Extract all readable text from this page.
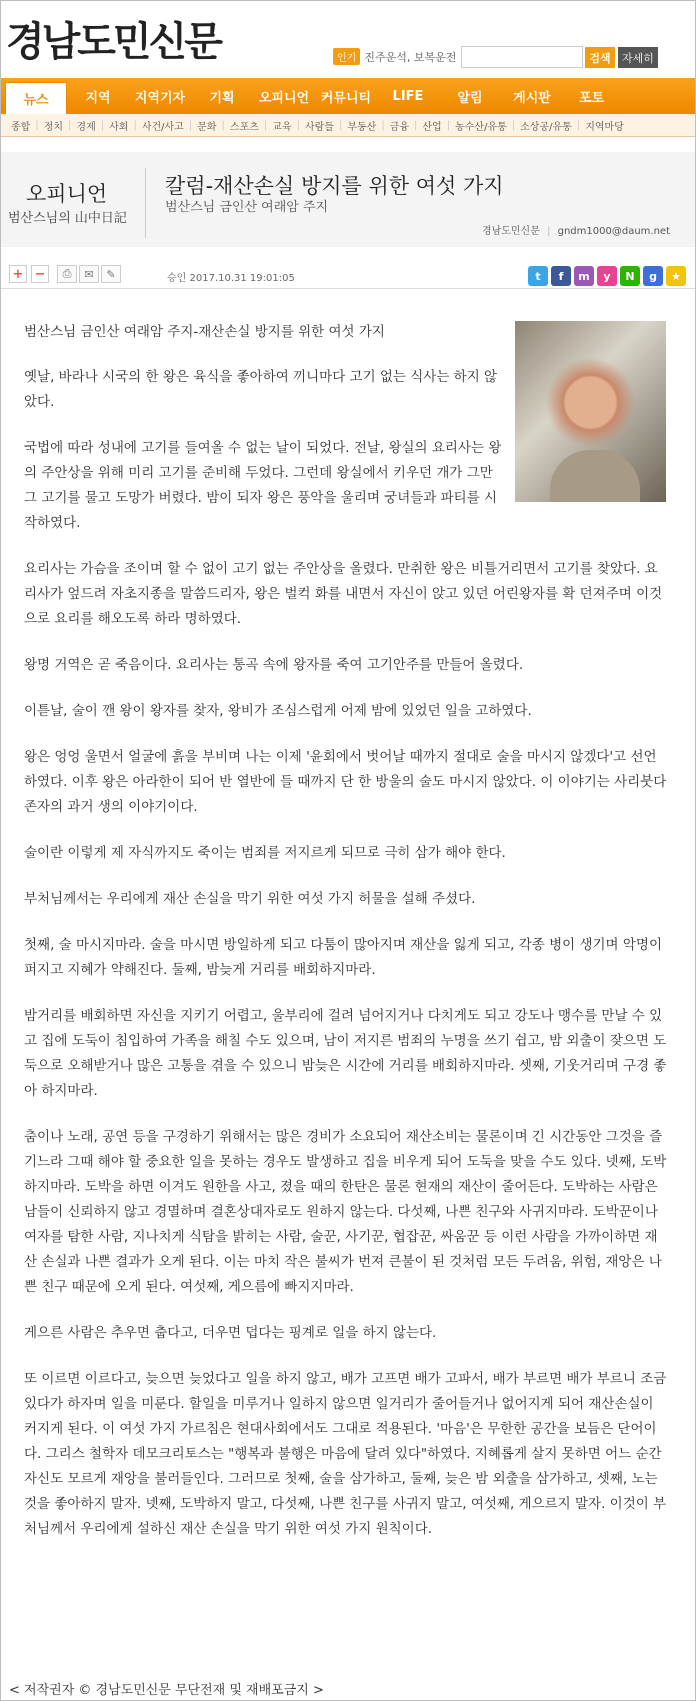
경남도민신문	인기 진주운석, 보복운전	검색	자세히
뉴스	지역	지역기자	기획	오피니언 커뮤니티	LIFE	알림	게시판	포토
종합 | 정치 | 경제 | 사회 | 사건/사고 | 문화 | 스포츠 | 교육 | 사람들 | 부동산 | 금융 | 산업 | 농수산/유통 | 소상공/유통 | 지역마당
오피니언
범산스님의 山中日記
칼럼-재산손실 방지를 위한 여섯 가지
범산스님 금인산 여래암 주지
경남도민신문 | gndm1000@daum.net
+ −	⎙	✉	✎	승인 2017.10.31 19:01:05	t	f	m	y	N	g	★

범산스님 금인산 여래암 주지-재산손실 방지를 위한 여섯 가지

옛날, 바라나 시국의 한 왕은 육식을 좋아하여 끼니마다 고기 없는 식사는 하지 않았다.

국법에 따라 성내에 고기를 들여올 수 없는 날이 되었다. 전날, 왕실의 요리사는 왕의 주안상을 위해 미리 고기를 준비해 두었다. 그런데 왕실에서 키우던 개가 그만 그 고기를 물고 도망가 버렸다. 밤이 되자 왕은 풍악을 울리며 궁녀들과 파티를 시작하였다.

요리사는 가슴을 조이며 할 수 없이 고기 없는 주안상을 올렸다. 만취한 왕은 비틀거리면서 고기를 찾았다. 요리사가 엎드려 자초지종을 말씀드리자, 왕은 벌컥 화를 내면서 자신이 앉고 있던 어린왕자를 확 던져주며 이것으로 요리를 해오도록 하라 명하였다.

왕명 거역은 곧 죽음이다. 요리사는 통곡 속에 왕자를 죽여 고기안주를 만들어 올렸다.

이튿날, 술이 깬 왕이 왕자를 찾자, 왕비가 조심스럽게 어제 밤에 있었던 일을 고하였다.

왕은 엉엉 울면서 얼굴에 흙을 부비며 나는 이제 '윤회에서 벗어날 때까지 절대로 술을 마시지 않겠다'고 선언 하였다. 이후 왕은 아라한이 되어 반 열반에 들 때까지 단 한 방울의 술도 마시지 않았다. 이 이야기는 사리붓다 존자의 과거 생의 이야기이다.

술이란 이렇게 제 자식까지도 죽이는 범죄를 저지르게 되므로 극히 삼가 해야 한다.

부처님께서는 우리에게 재산 손실을 막기 위한 여섯 가지 허물을 설해 주셨다.

첫째, 술 마시지마라. 술을 마시면 방일하게 되고 다툼이 많아지며 재산을 잃게 되고, 각종 병이 생기며 악명이 퍼지고 지혜가 약해진다. 둘째, 밤늦게 거리를 배회하지마라.

밤거리를 배회하면 자신을 지키기 어렵고, 울부리에 걸려 넘어지거나 다치게도 되고 강도나 맹수를 만날 수 있고 집에 도둑이 침입하여 가족을 해칠 수도 있으며, 남이 저지른 범죄의 누명을 쓰기 쉽고, 밤 외출이 잦으면 도둑으로 오해받거나 많은 고통을 겪을 수 있으니 밤늦은 시간에 거리를 배회하지마라. 셋째, 기웃거리며 구경 좋아 하지마라.

춤이나 노래, 공연 등을 구경하기 위해서는 많은 경비가 소요되어 재산소비는 물론이며 긴 시간동안 그것을 즐기느라 그때 해야 할 중요한 일을 못하는 경우도 발생하고 집을 비우게 되어 도둑을 맞을 수도 있다. 넷째, 도박하지마라. 도박을 하면 이겨도 원한을 사고, 졌을 때의 한탄은 물론 현재의 재산이 줄어든다. 도박하는 사람은 남들이 신뢰하지 않고 경멸하며 결혼상대자로도 원하지 않는다. 다섯째, 나쁜 친구와 사귀지마라. 도박꾼이나 여자를 탐한 사람, 지나치게 식탐을 밝히는 사람, 술꾼, 사기꾼, 협잡꾼, 싸움꾼 등 이런 사람을 가까이하면 재산 손실과 나쁜 결과가 오게 된다. 이는 마치 작은 불씨가 번져 큰불이 된 것처럼 모든 두려움, 위험, 재앙은 나쁜 친구 때문에 오게 된다. 여섯째, 게으름에 빠지지마라.

게으른 사람은 추우면 춥다고, 더우면 덥다는 핑계로 일을 하지 않는다.

또 이르면 이르다고, 늦으면 늦었다고 일을 하지 않고, 배가 고프면 배가 고파서, 배가 부르면 배가 부르니 조금 있다가 하자며 일을 미룬다. 할일을 미루거나 일하지 않으면 일거리가 줄어들거나 없어지게 되어 재산손실이 커지게 된다. 이 여섯 가지 가르침은 현대사회에서도 그대로 적용된다. '마음'은 무한한 공간을 보듬은 단어이다. 그리스 철학자 데모크리토스는 "행복과 불행은 마음에 달려 있다"하였다. 지혜롭게 살지 못하면 어느 순간 자신도 모르게 재앙을 불러들인다. 그러므로 첫째, 술을 삼가하고, 둘째, 늦은 밤 외출을 삼가하고, 셋째, 노는 것을 좋아하지 말자. 넷째, 도박하지 말고, 다섯째, 나쁜 친구를 사귀지 말고, 여섯째, 게으르지 말자. 이것이 부처님께서 우리에게 설하신 재산 손실을 막기 위한 여섯 가지 원칙이다.

< 저작권자 © 경남도민신문 무단전재 및 재배포금지 >
